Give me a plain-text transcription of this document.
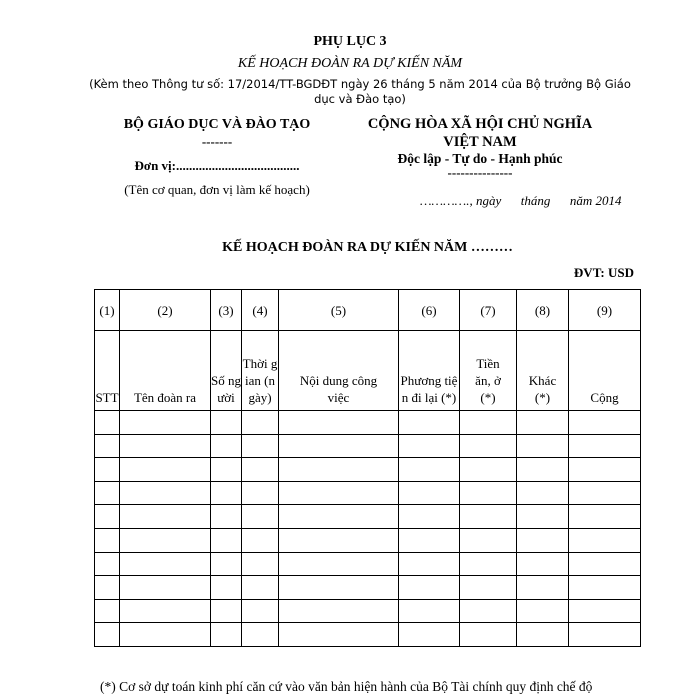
PHỤ LỤC 3
KẾ HOẠCH ĐOÀN RA DỰ KIẾN NĂM
(Kèm theo Thông tư số: 17/2014/TT-BGDĐT ngày 26 tháng 5 năm 2014 của Bộ trưởng Bộ Giáo dục và Đào tạo)
BỘ GIÁO DỤC VÀ ĐÀO TẠO
-------
Đơn vị:......................................
(Tên cơ quan, đơn vị làm kế hoạch)
CỘNG HÒA XÃ HỘI CHỦ NGHĨA VIỆT NAM
Độc lập - Tự do - Hạnh phúc
---------------
…………., ngày      tháng      năm 2014
KẾ HOẠCH ĐOÀN RA DỰ KIẾN NĂM ………
ĐVT: USD
(1)	(2)	(3)	(4)	(5)	(6)	(7)	(8)	(9)
STT	Tên đoàn ra	Số người	Thời gian (ngày)	Nội dung công việc	Phương tiện đi lại (*)	Tiền ăn, ở (*)	Khác (*)	Cộng

(*) Cơ sở dự toán kinh phí căn cứ vào văn bản hiện hành của Bộ Tài chính quy định chế độ
